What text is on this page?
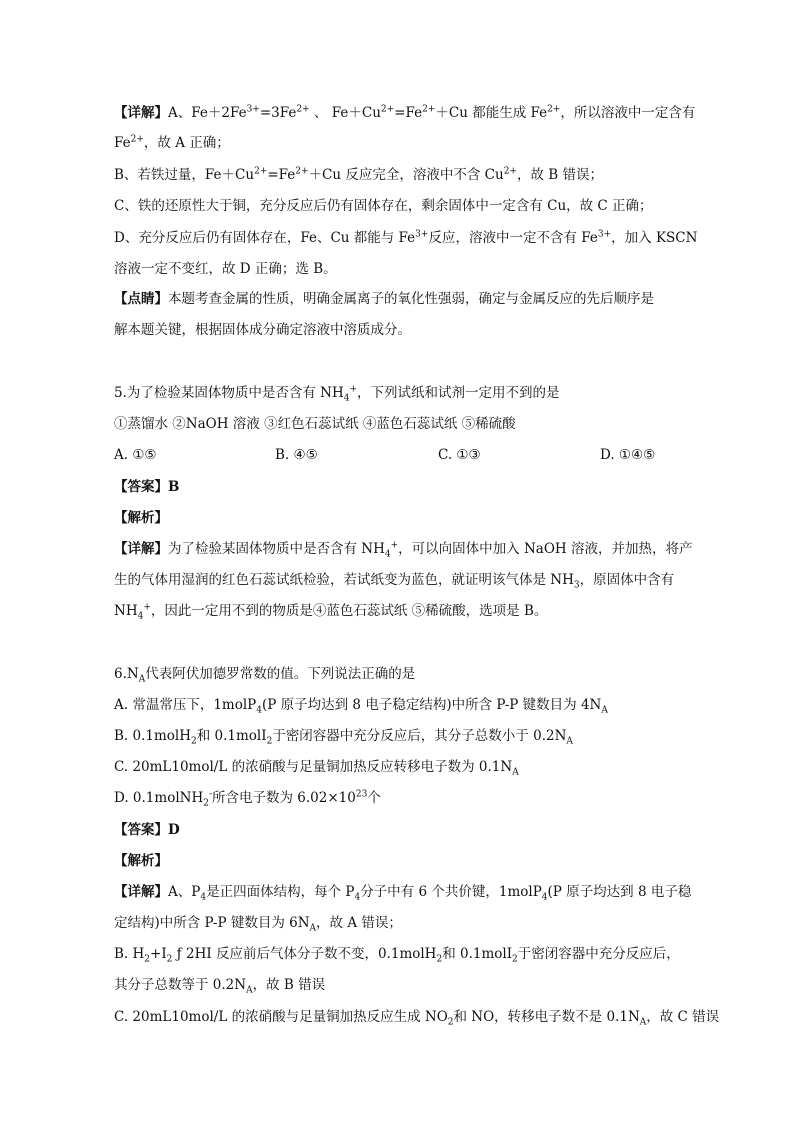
【详解】A、$Fe+2Fe^{3+}=3Fe^{2+}$ 、 $Fe+Cu^{2+}=Fe^{2+}+Cu$ 都能生成 $Fe^{2+}$，所以溶液中一定含有
$Fe^{2+}$，故 A 正确；
B、若铁过量，$Fe+Cu^{2+}=Fe^{2+}+Cu$ 反应完全，溶液中不含 $Cu^{2+}$，故 B 错误；
C、铁的还原性大于铜，充分反应后仍有固体存在，剩余固体中一定含有 Cu，故 C 正确；
D、充分反应后仍有固体存在，Fe、Cu 都能与 $Fe^{3+}$反应，溶液中一定不含有 $Fe^{3+}$，加入 KSCN
溶液一定不变红，故 D 正确；选 B。
【点睛】本题考查金属的性质，明确金属离子的氧化性强弱，确定与金属反应的先后顺序是
解本题关键，根据固体成分确定溶液中溶质成分。
5.为了检验某固体物质中是否含有 $NH_4^+$，下列试纸和试剂一定用不到的是
①蒸馏水 ②NaOH 溶液 ③红色石蕊试纸 ④蓝色石蕊试纸 ⑤稀硫酸
A. ①⑤	B. ④⑤	C. ①③	D. ①④⑤
【答案】B
【解析】
【详解】为了检验某固体物质中是否含有 $NH_4^+$，可以向固体中加入 NaOH 溶液，并加热，将产
生的气体用湿润的红色石蕊试纸检验，若试纸变为蓝色，就证明该气体是 $NH_3$，原固体中含有
$NH_4^+$，因此一定用不到的物质是④蓝色石蕊试纸 ⑤稀硫酸，选项是 B。
$6.N_A$代表阿伏加德罗常数的值。下列说法正确的是
A. 常温常压下，1molP$_4$(P 原子均达到 8 电子稳定结构)中所含 P-P 键数目为 $4N_A$
B. 0.1molH$_2$和 0.1molI$_2$于密闭容器中充分反应后，其分子总数小于 $0.2N_A$
C. 20mL10mol/L 的浓硝酸与足量铜加热反应转移电子数为 $0.1N_A$
D. 0.1molNH$_2$-所含电子数为 $6.02\times 10^{23}$个
【答案】D
【解析】
【详解】A、$P_4$是正四面体结构，每个 $P_4$分子中有 6 个共价键，1molP$_4$(P 原子均达到 8 电子稳
定结构)中所含 P-P 键数目为 $6N_A$，故 A 错误；
B. $H_2+I_2$ ƒ 2HI 反应前后气体分子数不变，0.1molH$_2$和 0.1molI$_2$于密闭容器中充分反应后，
其分子总数等于 $0.2N_A$，故 B 错误
C. 20mL10mol/L 的浓硝酸与足量铜加热反应生成 $NO_2$和 NO，转移电子数不是 $0.1N_A$，故 C 错误
